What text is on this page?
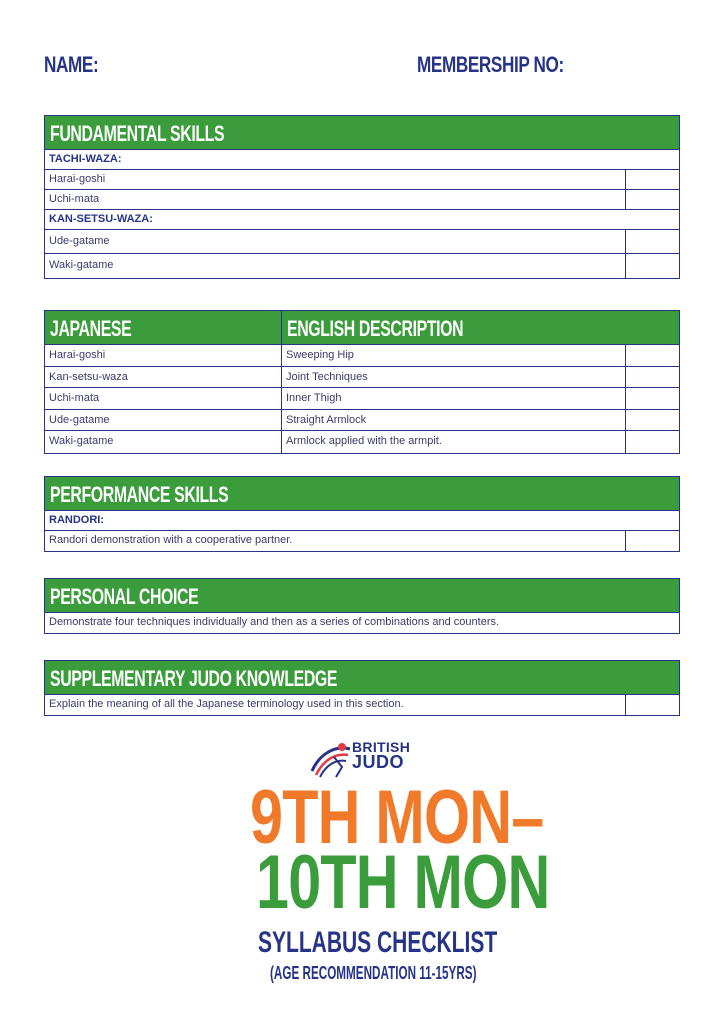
NAME:	MEMBERSHIP NO:
FUNDAMENTAL SKILLS
TACHI-WAZA:
Harai-goshi
Uchi-mata
KAN-SETSU-WAZA:
Ude-gatame
Waki-gatame
JAPANESE	ENGLISH DESCRIPTION
Harai-goshi	Sweeping Hip
Kan-setsu-waza	Joint Techniques
Uchi-mata	Inner Thigh
Ude-gatame	Straight Armlock
Waki-gatame	Armlock applied with the armpit.
PERFORMANCE SKILLS
RANDORI:
Randori demonstration with a cooperative partner.
PERSONAL CHOICE
Demonstrate four techniques individually and then as a series of combinations and counters.
SUPPLEMENTARY JUDO KNOWLEDGE
Explain the meaning of all the Japanese terminology used in this section.
BRITISH
JUDO
9TH MON–
10TH MON
SYLLABUS CHECKLIST
(AGE RECOMMENDATION 11-15YRS)
